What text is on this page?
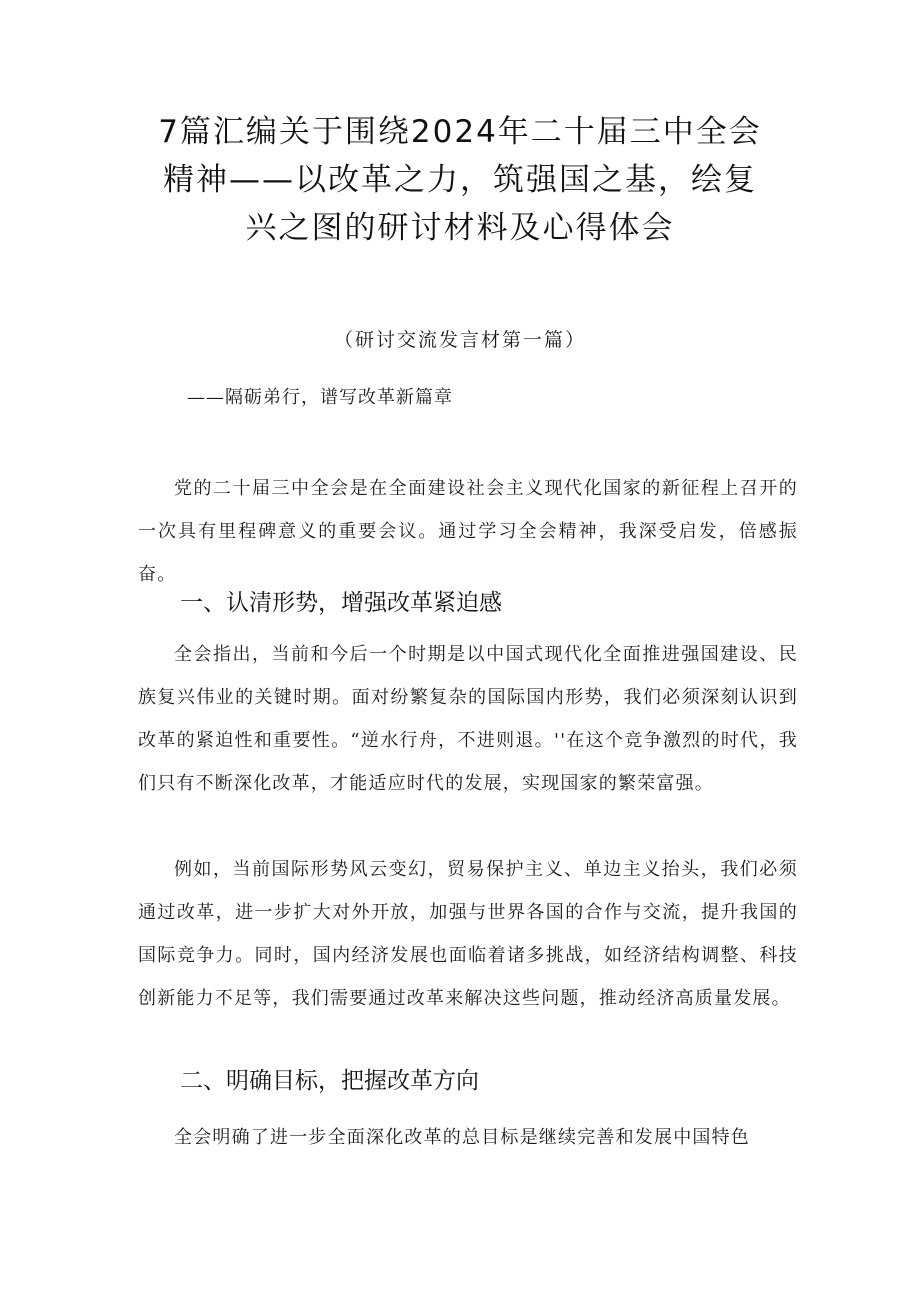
7篇汇编关于围绕2024年二十届三中全会
精神——以改革之力，筑强国之基，绘复
兴之图的研讨材料及心得体会

（研讨交流发言材第一篇）

——隔砺弟行，谱写改革新篇章

党的二十届三中全会是在全面建设社会主义现代化国家的新征程上召开的一次具有里程碑意义的重要会议。通过学习全会精神，我深受启发，倍感振奋。

一、认清形势，增强改革紧迫感

全会指出，当前和今后一个时期是以中国式现代化全面推进强国建设、民族复兴伟业的关键时期。面对纷繁复杂的国际国内形势，我们必须深刻认识到改革的紧迫性和重要性。“逆水行舟，不进则退。''在这个竞争激烈的时代，我们只有不断深化改革，才能适应时代的发展，实现国家的繁荣富强。

例如，当前国际形势风云变幻，贸易保护主义、单边主义抬头，我们必须通过改革，进一步扩大对外开放，加强与世界各国的合作与交流，提升我国的国际竞争力。同时，国内经济发展也面临着诸多挑战，如经济结构调整、科技创新能力不足等，我们需要通过改革来解决这些问题，推动经济高质量发展。

二、明确目标，把握改革方向

全会明确了进一步全面深化改革的总目标是继续完善和发展中国特色
